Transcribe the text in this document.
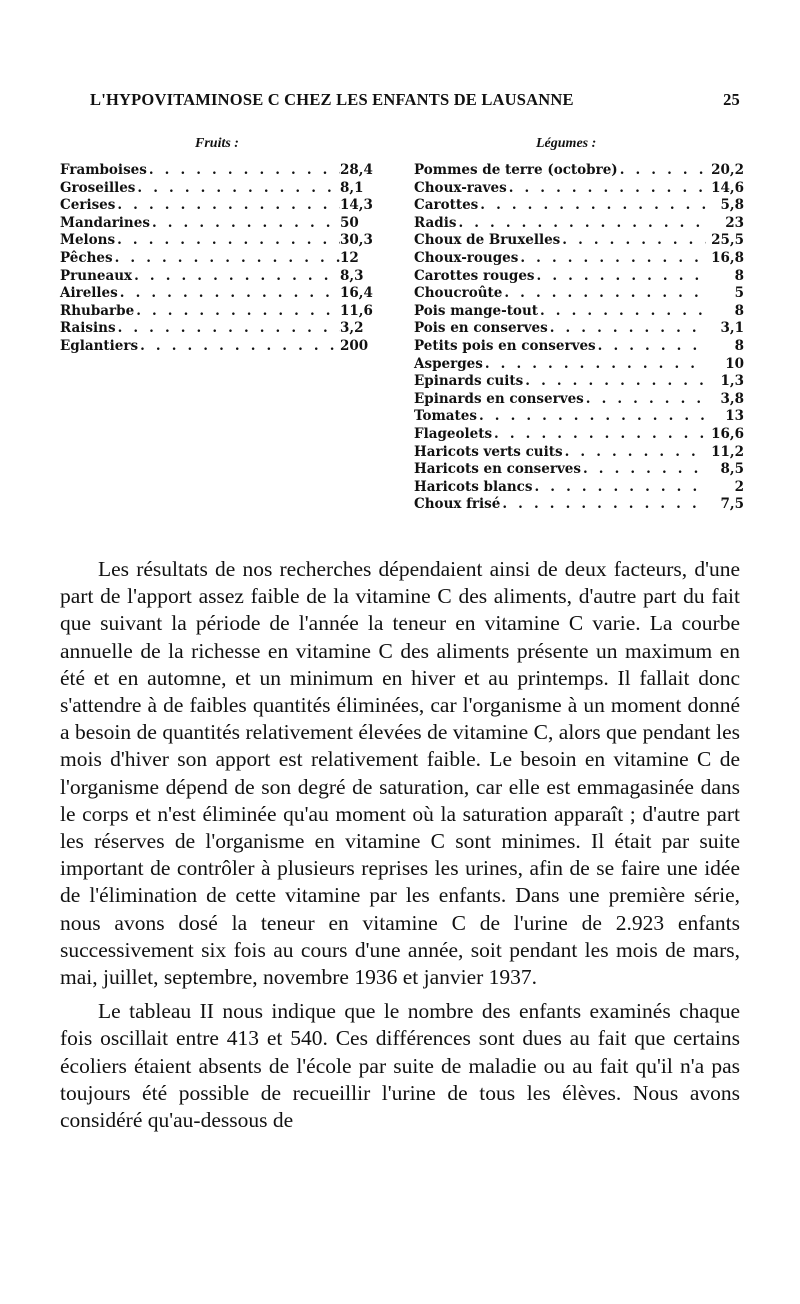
L'HYPOVITAMINOSE C CHEZ LES ENFANTS DE LAUSANNE	25
Fruits :	Légumes :
Framboises . . .	28,4
Groseilles . . .	8,1
Cerises . . .	14,3
Mandarines . . .	50
Melons . . .	30,3
Pêches . . .	12
Pruneaux . . .	8,3
Airelles . . .	16,4
Rhubarbe . . .	11,6
Raisins . . .	3,2
Eglantiers . . .	200
Pommes de terre (octobre) . . .	20,2
Choux-raves . . .	14,6
Carottes . . .	5,8
Radis . . .	23
Choux de Bruxelles . . .	25,5
Choux-rouges . . .	16,8
Carottes rouges . . .	8
Choucroûte . . .	5
Pois mange-tout . . .	8
Pois en conserves . . .	3,1
Petits pois en conserves . . .	8
Asperges . . .	10
Epinards cuits . . .	1,3
Epinards en conserves . . .	3,8
Tomates . . .	13
Flageolets . . .	16,6
Haricots verts cuits . . .	11,2
Haricots en conserves . . .	8,5
Haricots blancs . . .	2
Choux frisé . . .	7,5

Les résultats de nos recherches dépendaient ainsi de deux facteurs, d'une part de l'apport assez faible de la vitamine C des aliments, d'autre part du fait que suivant la période de l'année la teneur en vitamine C varie. La courbe annuelle de la richesse en vitamine C des aliments présente un maximum en été et en automne, et un minimum en hiver et au printemps. Il fallait donc s'attendre à de faibles quantités éliminées, car l'organisme à un moment donné a besoin de quantités relativement élevées de vitamine C, alors que pendant les mois d'hiver son apport est relativement faible. Le besoin en vitamine C de l'organisme dépend de son degré de saturation, car elle est emmagasinée dans le corps et n'est éliminée qu'au moment où la saturation apparaît ; d'autre part les réserves de l'organisme en vitamine C sont minimes. Il était par suite important de contrôler à plusieurs reprises les urines, afin de se faire une idée de l'élimination de cette vitamine par les enfants. Dans une première série, nous avons dosé la teneur en vitamine C de l'urine de 2.923 enfants successivement six fois au cours d'une année, soit pendant les mois de mars, mai, juillet, septembre, novembre 1936 et janvier 1937.

Le tableau II nous indique que le nombre des enfants examinés chaque fois oscillait entre 413 et 540. Ces différences sont dues au fait que certains écoliers étaient absents de l'école par suite de maladie ou au fait qu'il n'a pas toujours été possible de recueillir l'urine de tous les élèves. Nous avons considéré qu'au-dessous de
